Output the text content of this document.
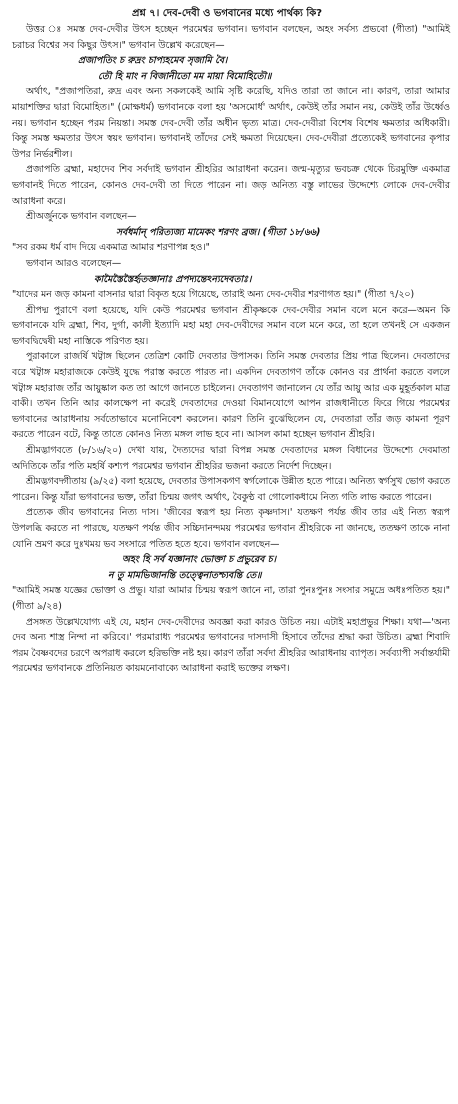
প্রশ্ন ৭। দেব-দেবী ও ভগবানের মধ্যে পার্থক্য কি?

উত্তর ঃ সমস্ত দেব-দেবীর উৎস হচ্ছেন পরমেশ্বর ভগবান। ভগবান বলছেন, অহং সর্বস্য প্রভবো (গীতা) "আমিই চরাচর বিশ্বের সব কিছুর উৎস।" ভগবান উল্লেখ করেছেন—

প্রজাপতিং চ রুদ্রং চাপ্যহমেব সৃজামি বৈ।

তৌ হি মাং ন বিজানীতো মম মায়া বিমোহিতৌ॥

অর্থাৎ, "প্রজাপতিরা, রুদ্র এবং অন্য সকলকেই আমি সৃষ্টি করেছি, যদিও তারা তা জানে না। কারণ, তারা আমার মায়াশক্তির দ্বারা বিমোহিত।" (মোক্ষধর্ম) ভগবানকে বলা হয় 'অসমোর্ধ' অর্থাৎ, কেউই তাঁর সমান নয়, কেউই তাঁর উর্ধ্বেও নয়। ভগবান হচ্ছেন পরম নিয়ন্তা। সমস্ত দেব-দেবী তাঁর অধীন ভৃত্য মাত্র। দেব-দেবীরা বিশেষ বিশেষ ক্ষমতার অধিকারী। কিন্তু সমস্ত ক্ষমতার উৎস স্বয়ং ভগবান। ভগবানই তাঁদের সেই ক্ষমতা দিয়েছেন। দেব-দেবীরা প্রত্যেকেই ভগবানের কৃপার উপর নির্ভরশীল।

প্রজাপতি ব্রহ্মা, মহাদেব শিব সর্বদাই ভগবান শ্রীহরির আরাধনা করেন। জন্ম-মৃত্যুর ভবচক্র থেকে চিরমুক্তি একমাত্র ভগবানই দিতে পারেন, কোনও দেব-দেবী তা দিতে পারেন না। জড় অনিত্য বস্তু লাভের উদ্দেশ্যে লোকে দেব-দেবীর আরাধনা করে।

শ্রীঅর্জুনকে ভগবান বলছেন—

সর্বধর্মান্ পরিত্যজ্য মামেকং শরণং ব্রজ। (গীতা ১৮/৬৬)

"সব রকম ধর্ম বাদ দিয়ে একমাত্র আমার শরণাপন্ন হও।"

ভগবান আরও বলেছেন—

কামৈস্তৈস্তৈর্হৃতজ্ঞানাঃ প্রপদ্যন্তেঽন্যদেবতাঃ।

"যাদের মন জড় কামনা বাসনার দ্বারা বিকৃত হয়ে গিয়েছে, তারাই অন্য দেব-দেবীর শরণাগত হয়।" (গীতা ৭/২০)

শ্রীপদ্ম পুরাণে বলা হয়েছে, যদি কেউ পরমেশ্বর ভগবান শ্রীকৃষ্ণকে দেব-দেবীর সমান বলে মনে করে—অমন কি ভগবানকে যদি ব্রহ্মা, শিব, দুর্গা, কালী ইত্যাদি মহা মহা দেব-দেবীদের সমান বলে মনে করে, তা হলে তখনই সে একজন ভগবদ্বিদ্বেষী মহা নাস্তিকে পরিণত হয়।

পুরাকালে রাজর্ষি খট্বাঙ্গ ছিলেন তেত্রিশ কোটি দেবতার উপাসক। তিনি সমস্ত দেবতার প্রিয় পাত্র ছিলেন। দেবতাদের বরে খট্বাঙ্গ মহারাজকে কেউই যুদ্ধে পরাস্ত করতে পারত না। একদিন দেবতাগণ তাঁকে কোনও বর প্রার্থনা করতে বললে খট্বাঙ্গ মহারাজ তাঁর আয়ুষ্কাল কত তা আগে জানতে চাইলেন। দেবতাগণ জানালেন যে তাঁর আয়ু আর এক মুহূর্তকাল মাত্র বাকী। তখন তিনি আর কালক্ষেপ না করেই দেবতাদের দেওয়া বিমানযোগে আপন রাজধানীতে ফিরে গিয়ে পরমেশ্বর ভগবানের আরাধনায় সর্বতোভাবে মনোনিবেশ করলেন। কারণ তিনি বুঝেছিলেন যে, দেবতারা তাঁর জড় কামনা পূরণ করতে পারেন বটে, কিন্তু তাতে কোনও নিত্য মঙ্গল লাভ হবে না। আসল কামা হচ্ছেন ভগবান শ্রীহরি।

শ্রীমদ্ভাগবতে (৮/১৬/২০) দেখা যায়, দৈত্যদের দ্বারা বিপন্ন সমস্ত দেবতাদের মঙ্গল বিধানের উদ্দেশ্যে দেবমাতা অদিতিকে তাঁর পতি মহর্ষি কশ্যপ পরমেশ্বর ভগবান শ্রীহরির ভজনা করতে নির্দেশ দিচ্ছেন।

শ্রীমদ্ভগবদ্গীতায় (৯/২৫) বলা হয়েছে, দেবতার উপাসকগণ স্বর্গলোকে উন্নীত হতে পারে। অনিত্য স্বর্গসুখ ভোগ করতে পারেন। কিন্তু যাঁরা ভগবানের ভক্ত, তাঁরা চিন্ময় জগৎ অর্থাৎ, বৈকুণ্ঠ বা গোলোকধামে নিত্য গতি লাভ করতে পারেন।

প্রত্যেক জীব ভগবানের নিত্য দাস। 'জীবের স্বরূপ হয় নিত্য কৃষ্ণদাস।' যতক্ষণ পর্যন্ত জীব তার এই নিত্য স্বরূপ উপলব্ধি করতে না পারছে, যতক্ষণ পর্যন্ত জীব সচ্চিদানন্দময় পরমেশ্বর ভগবান শ্রীহরিকে না জানছে, ততক্ষণ তাকে নানা যোনি ভ্রমণ করে দুঃখময় ভব সংসারে পতিত হতে হবে। ভগবান বলছেন—

অহং হি সর্ব যজ্ঞানাং ভোক্তা চ প্রভুরেব চ।

ন তু মামভিজানন্তি তত্ত্বেনাতশ্চ্যবন্তি তে॥

"আমিই সমস্ত যজ্ঞের ভোক্তা ও প্রভু। যারা আমার চিন্ময় স্বরূপ জানে না, তারা পুনঃপুনঃ সংসার সমুদ্রে অধঃপতিত হয়।" (গীতা ৯/২৪)

প্রসঙ্গত উল্লেখযোগ্য এই যে, মহান দেব-দেবীদের অবজ্ঞা করা কারও উচিত নয়। এটাই মহাপ্রভুর শিক্ষা। যথা—'অন্য দেব অন্য শাস্ত্র নিন্দা না করিবে।' পরমারাধ্য পরমেশ্বর ভগবানের দাসদাসী হিসাবে তাঁদের শ্রদ্ধা করা উচিত। ব্রহ্মা শিবাদি পরম বৈষ্ণবদের চরণে অপরাধ করলে হরিভক্তি নষ্ট হয়। কারণ তাঁরা সর্বদা শ্রীহরির আরাধনায় ব্যাপৃত। সর্বব্যাপী সর্বান্তর্যামী পরমেশ্বর ভগবানকে প্রতিনিয়ত কায়মনোবাক্যে আরাধনা করাই ভক্তের লক্ষণ।
